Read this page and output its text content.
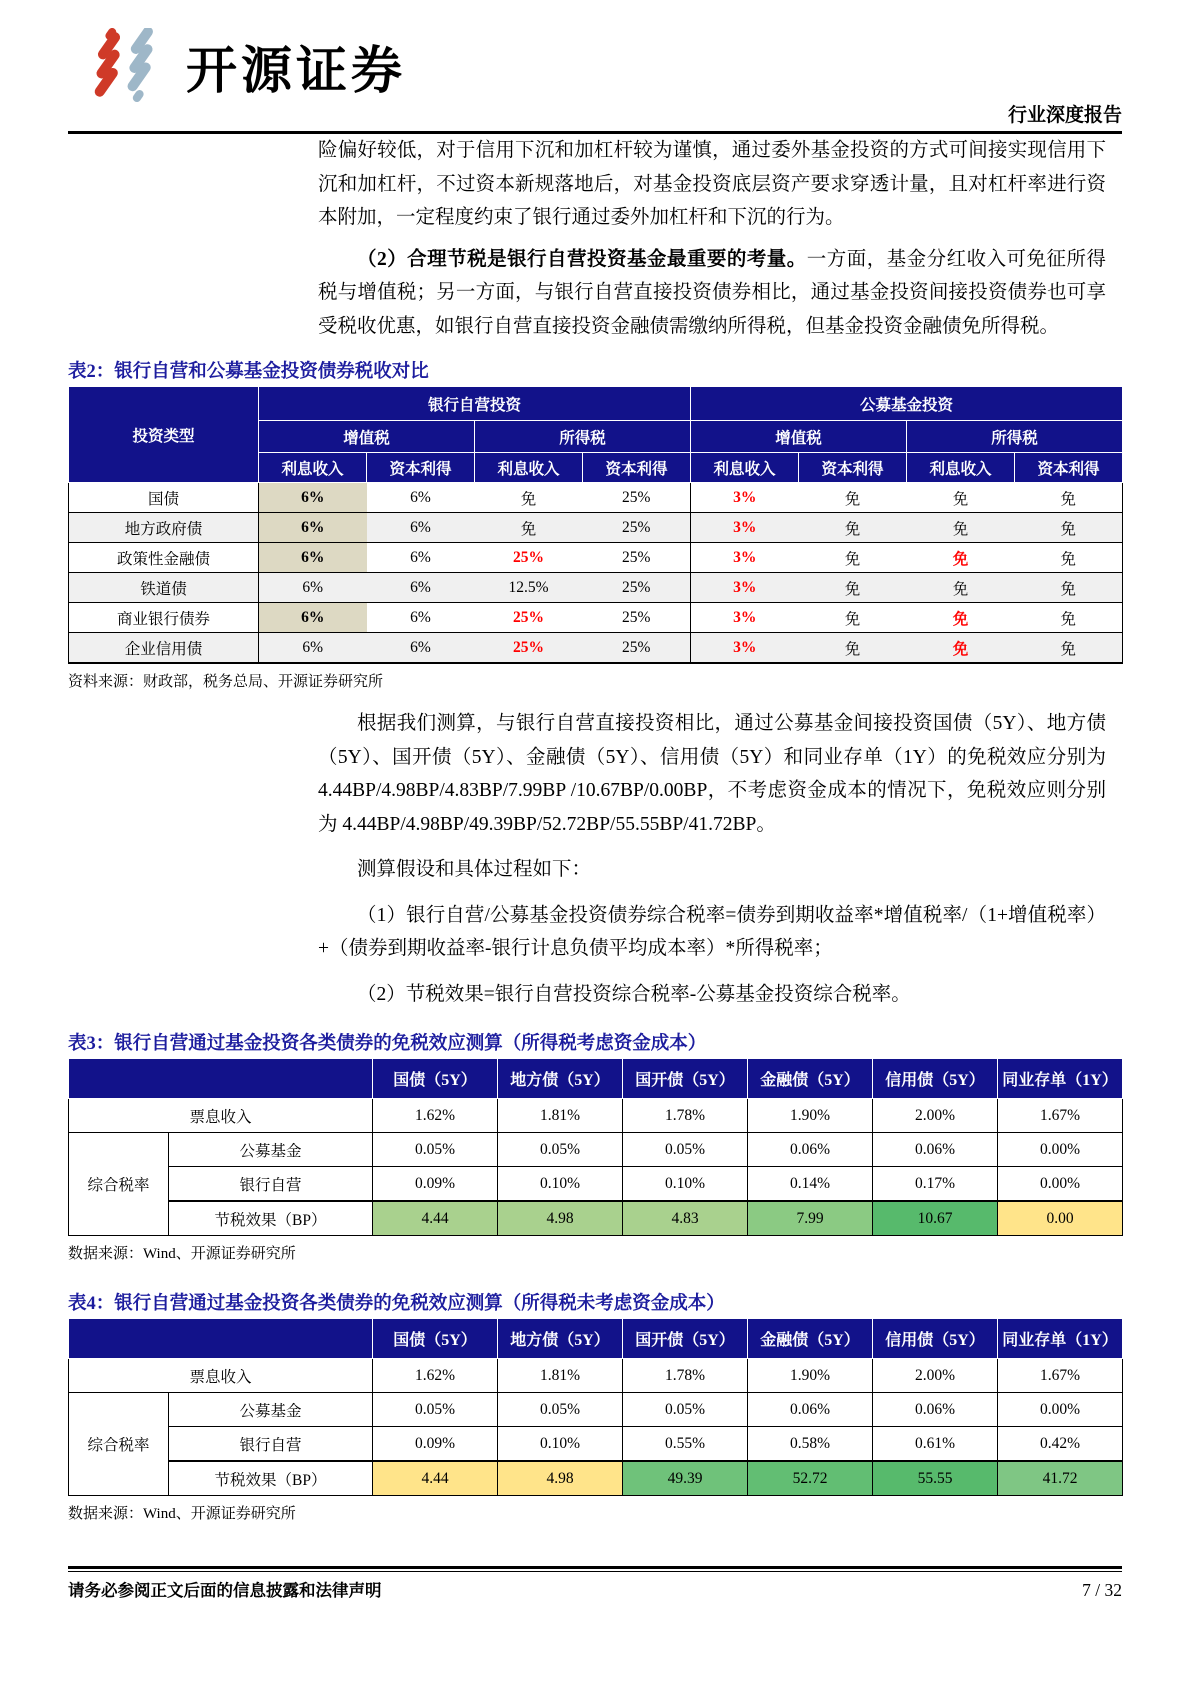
开源证券
行业深度报告

险偏好较低，对于信用下沉和加杠杆较为谨慎，通过委外基金投资的方式可间接实现信用下沉和加杠杆，不过资本新规落地后，对基金投资底层资产要求穿透计量，且对杠杆率进行资本附加，一定程度约束了银行通过委外加杠杆和下沉的行为。

（2）合理节税是银行自营投资基金最重要的考量。一方面，基金分红收入可免征所得税与增值税；另一方面，与银行自营直接投资债券相比，通过基金投资间接投资债券也可享受税收优惠，如银行自营直接投资金融债需缴纳所得税，但基金投资金融债免所得税。

表2：银行自营和公募基金投资债券税收对比
投资类型	银行自营投资				公募基金投资			
	增值税		所得税		增值税		所得税	
	利息收入	资本利得	利息收入	资本利得	利息收入	资本利得	利息收入	资本利得
国债	6%	6%	免	25%	3%	免	免	免
地方政府债	6%	6%	免	25%	3%	免	免	免
政策性金融债	6%	6%	25%	25%	3%	免	免	免
铁道债	6%	6%	12.5%	25%	3%	免	免	免
商业银行债券	6%	6%	25%	25%	3%	免	免	免
企业信用债	6%	6%	25%	25%	3%	免	免	免
资料来源：财政部，税务总局、开源证券研究所

根据我们测算，与银行自营直接投资相比，通过公募基金间接投资国债（5Y）、地方债（5Y）、国开债（5Y）、金融债（5Y）、信用债（5Y）和同业存单（1Y）的免税效应分别为 4.44BP/4.98BP/4.83BP/7.99BP /10.67BP/0.00BP，不考虑资金成本的情况下，免税效应则分别为 4.44BP/4.98BP/49.39BP/52.72BP/55.55BP/41.72BP。

测算假设和具体过程如下：

（1）银行自营/公募基金投资债券综合税率=债券到期收益率*增值税率/（1+增值税率）+（债券到期收益率-银行计息负债平均成本率）*所得税率；

（2）节税效果=银行自营投资综合税率-公募基金投资综合税率。

表3：银行自营通过基金投资各类债券的免税效应测算（所得税考虑资金成本）
		国债（5Y）	地方债（5Y）	国开债（5Y）	金融债（5Y）	信用债（5Y）	同业存单（1Y）
票息收入		1.62%	1.81%	1.78%	1.90%	2.00%	1.67%
综合税率	公募基金	0.05%	0.05%	0.05%	0.06%	0.06%	0.00%
	银行自营	0.09%	0.10%	0.10%	0.14%	0.17%	0.00%
	节税效果（BP）	4.44	4.98	4.83	7.99	10.67	0.00
数据来源：Wind、开源证券研究所
表4：银行自营通过基金投资各类债券的免税效应测算（所得税未考虑资金成本）
		国债（5Y）	地方债（5Y）	国开债（5Y）	金融债（5Y）	信用债（5Y）	同业存单（1Y）
票息收入		1.62%	1.81%	1.78%	1.90%	2.00%	1.67%
综合税率	公募基金	0.05%	0.05%	0.05%	0.06%	0.06%	0.00%
	银行自营	0.09%	0.10%	0.55%	0.58%	0.61%	0.42%
	节税效果（BP）	4.44	4.98	49.39	52.72	55.55	41.72
数据来源：Wind、开源证券研究所
请务必参阅正文后面的信息披露和法律声明	7 / 32
